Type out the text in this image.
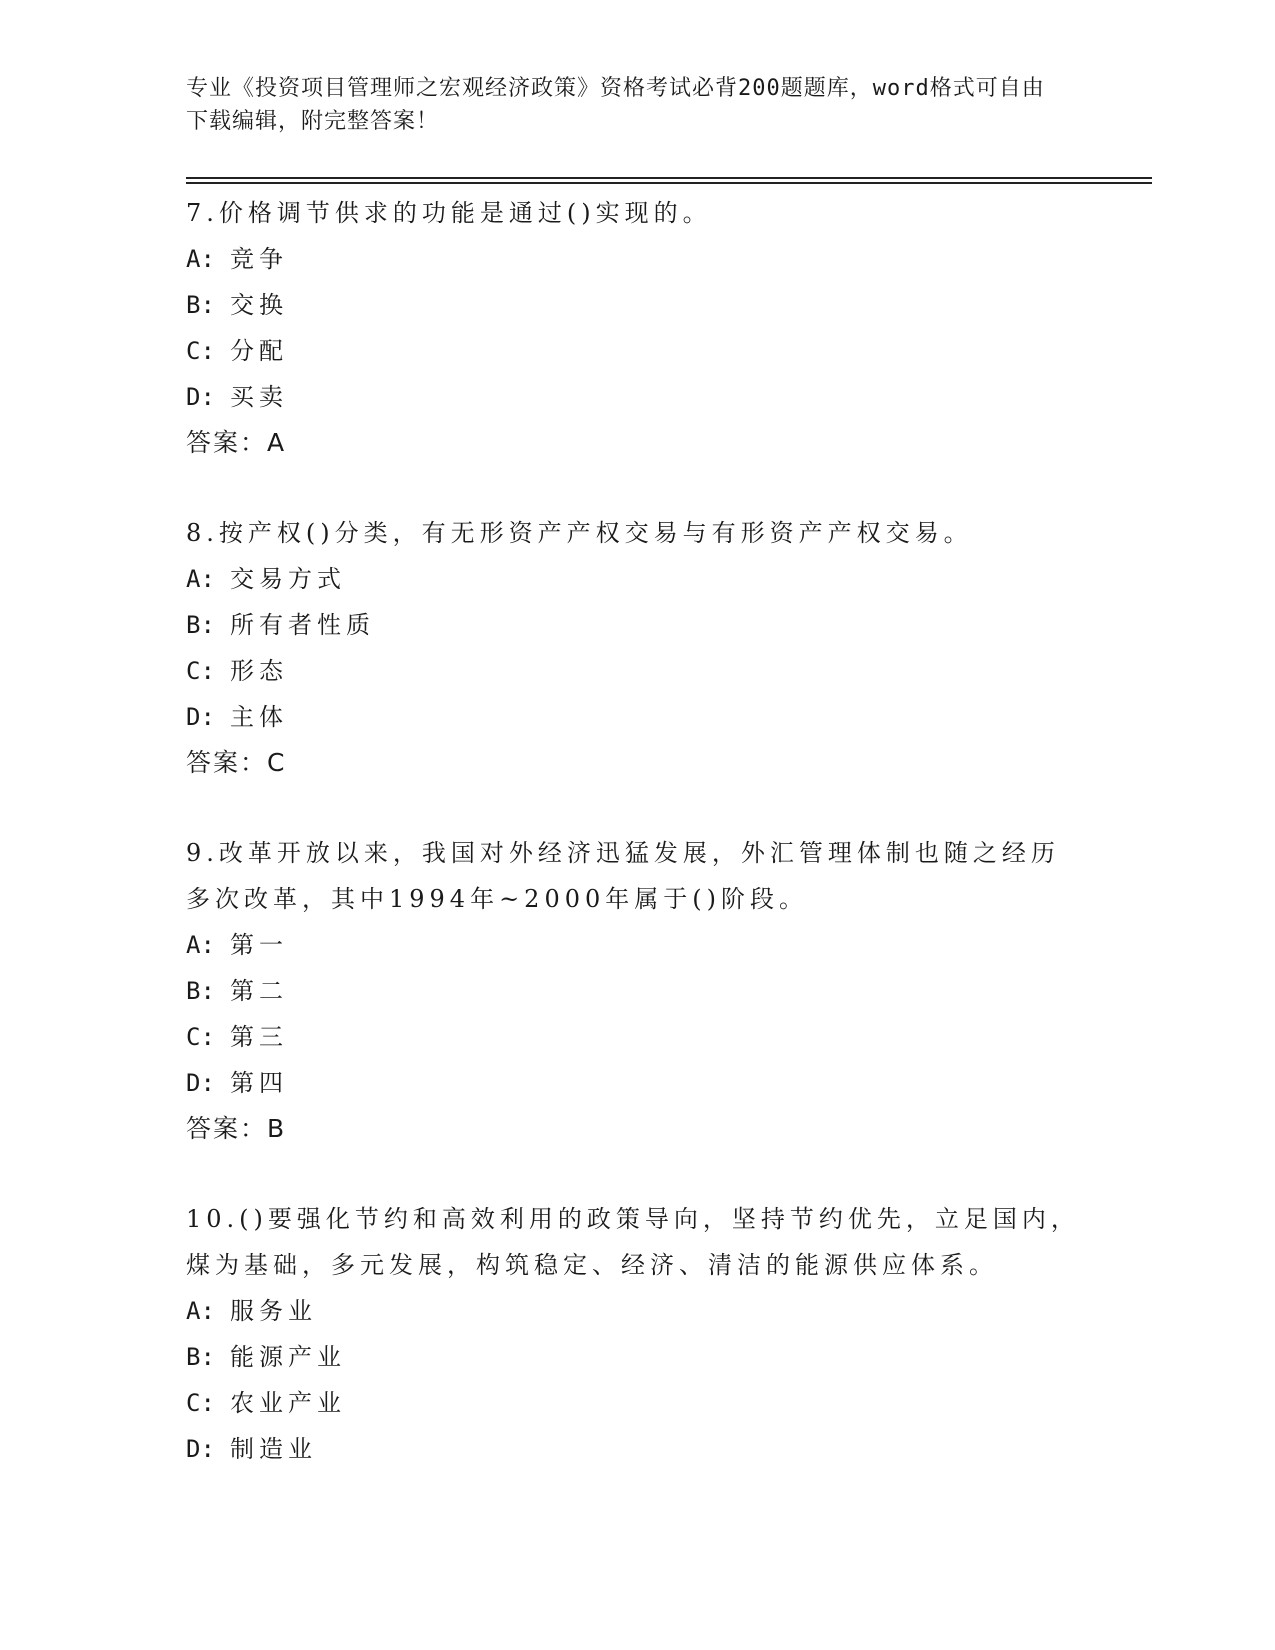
专业《投资项目管理师之宏观经济政策》资格考试必背200题题库，word格式可自由下载编辑，附完整答案！
7.价格调节供求的功能是通过()实现的。
A: 竞争
B: 交换
C: 分配
D: 买卖
答案：A
8.按产权()分类，有无形资产产权交易与有形资产产权交易。
A: 交易方式
B: 所有者性质
C: 形态
D: 主体
答案：C
9.改革开放以来，我国对外经济迅猛发展，外汇管理体制也随之经历多次改革，其中1994年~2000年属于()阶段。
A: 第一
B: 第二
C: 第三
D: 第四
答案：B
10.()要强化节约和高效利用的政策导向，坚持节约优先，立足国内，煤为基础，多元发展，构筑稳定、经济、清洁的能源供应体系。
A: 服务业
B: 能源产业
C: 农业产业
D: 制造业
